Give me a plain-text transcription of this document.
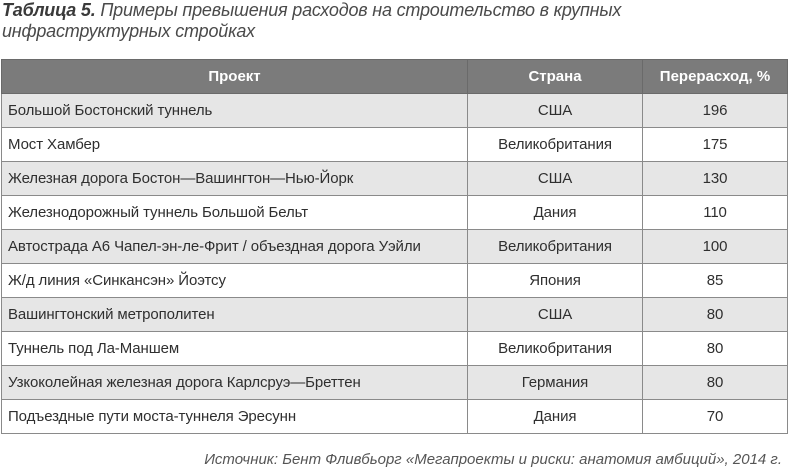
Таблица 5. Примеры превышения расходов на строительство в крупных инфраструктурных стройках
Проект	Страна	Перерасход, %
Большой Бостонский туннель	США	196
Мост Хамбер	Великобритания	175
Железная дорога Бостон—Вашингтон—Нью-Йорк	США	130
Железнодорожный туннель Большой Бельт	Дания	110
Автострада А6 Чапел-эн-ле-Фрит / объездная дорога Уэйли	Великобритания	100
Ж/д линия «Синкансэн» Йоэтсу	Япония	85
Вашингтонский метрополитен	США	80
Туннель под Ла-Маншем	Великобритания	80
Узкоколейная железная дорога Карлсруэ—Бреттен	Германия	80
Подъездные пути моста-туннеля Эресунн	Дания	70
Источник: Бент Фливбьорг «Мегапроекты и риски: анатомия амбиций», 2014 г.
